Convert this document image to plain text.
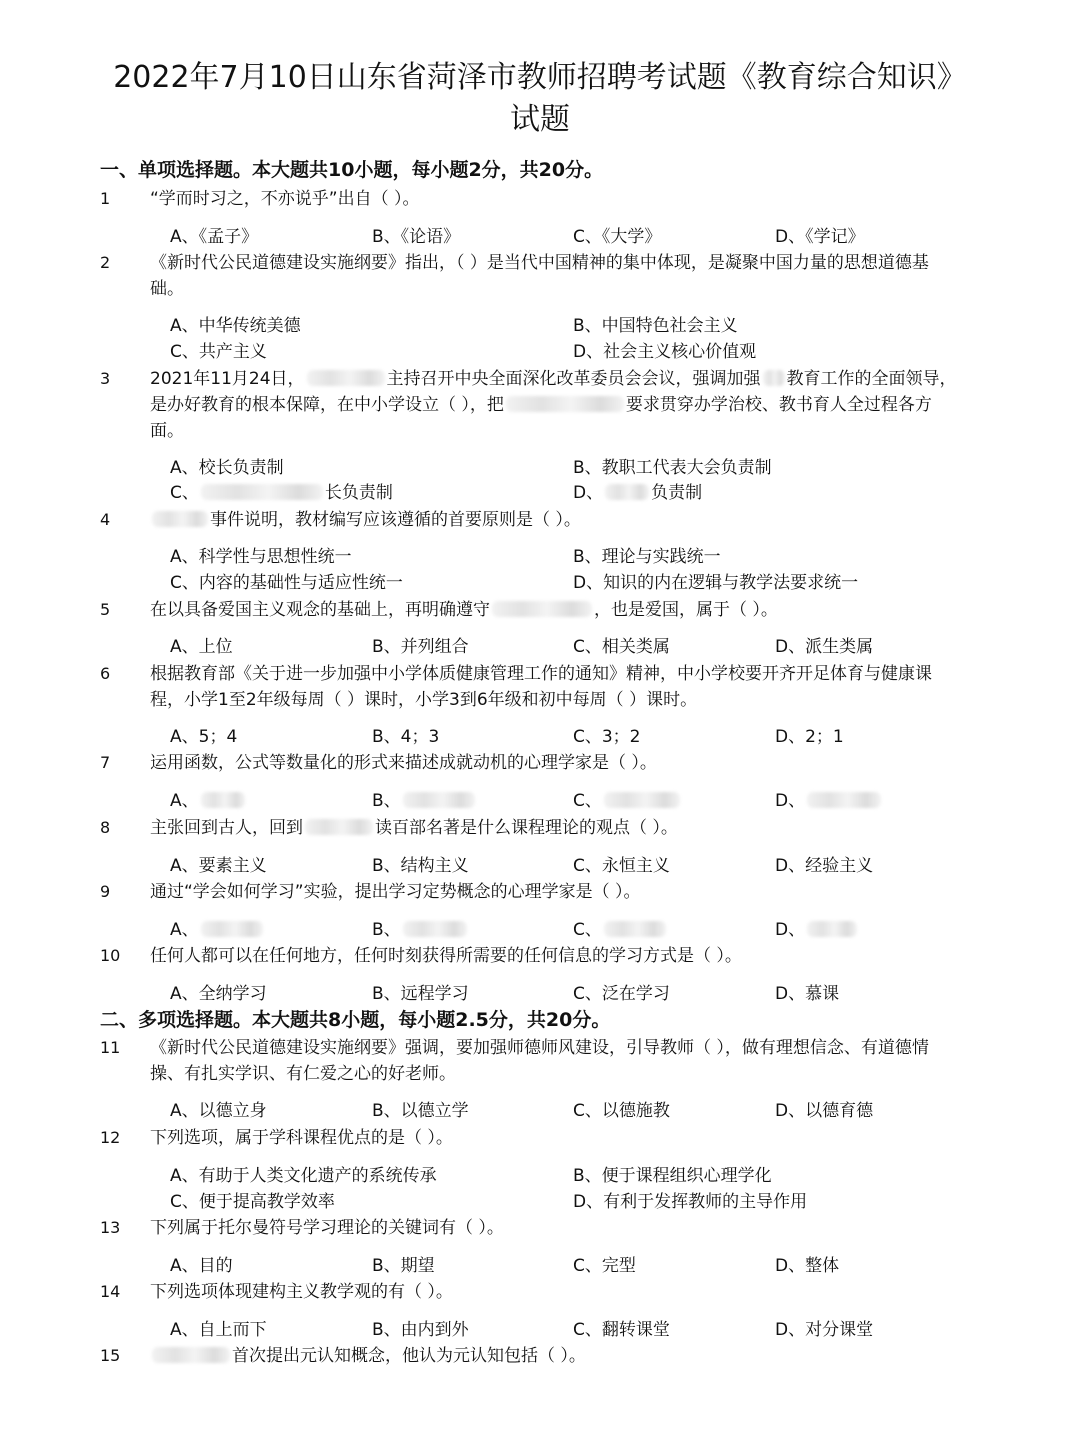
2022年7月10日山东省菏泽市教师招聘考试题《教育综合知识》
试题
一、单项选择题。本大题共10小题，每小题2分，共20分。
1	“学而时习之，不亦说乎”出自（ ）。
A、《孟子》	B、《论语》	C、《大学》	D、《学记》
2	《新时代公民道德建设实施纲要》指出，（ ）是当代中国精神的集中体现，是凝聚中国力量的思想道德基础。
A、中华传统美德	B、中国特色社会主义
C、共产主义	D、社会主义核心价值观
3	2021年11月24日，	主持召开中央全面深化改革委员会会议，强调加强 教育工作的全面领导，是办好教育的根本保障，在中小学设立（ ），把	要求贯穿办学治校、教书育人全过程各方面。
A、校长负责制	B、教职工代表大会负责制
C、	长负责制	D、	负责制
4	事件说明，教材编写应该遵循的首要原则是（ ）。
A、科学性与思想性统一	B、理论与实践统一
C、内容的基础性与适应性统一	D、知识的内在逻辑与教学法要求统一
5	在以具备爱国主义观念的基础上，再明确遵守	，也是爱国，属于（ ）。
A、上位	B、并列组合	C、相关类属	D、派生类属
6	根据教育部《关于进一步加强中小学体质健康管理工作的通知》精神，中小学校要开齐开足体育与健康课程，小学1至2年级每周（ ）课时，小学3到6年级和初中每周（ ）课时。
A、5；4	B、4；3	C、3；2	D、2；1
7	运用函数，公式等数量化的形式来描述成就动机的心理学家是（ ）。
A、	B、	C、	D、
8	主张回到古人，回到	读百部名著是什么课程理论的观点（ ）。
A、要素主义	B、结构主义	C、永恒主义	D、经验主义
9	通过“学会如何学习”实验，提出学习定势概念的心理学家是（ ）。
A、	B、	C、	D、
10	任何人都可以在任何地方，任何时刻获得所需要的任何信息的学习方式是（ ）。
A、全纳学习	B、远程学习	C、泛在学习	D、慕课
二、多项选择题。本大题共8小题，每小题2.5分，共20分。
11	《新时代公民道德建设实施纲要》强调，要加强师德师风建设，引导教师（ ），做有理想信念、有道德情操、有扎实学识、有仁爱之心的好老师。
A、以德立身	B、以德立学	C、以德施教	D、以德育德
12	下列选项，属于学科课程优点的是（ ）。
A、有助于人类文化遗产的系统传承	B、便于课程组织心理学化
C、便于提高教学效率	D、有利于发挥教师的主导作用
13	下列属于托尔曼符号学习理论的关键词有（ ）。
A、目的	B、期望	C、完型	D、整体
14	下列选项体现建构主义教学观的有（ ）。
A、自上而下	B、由内到外	C、翻转课堂	D、对分课堂
15	首次提出元认知概念，他认为元认知包括（ ）。
